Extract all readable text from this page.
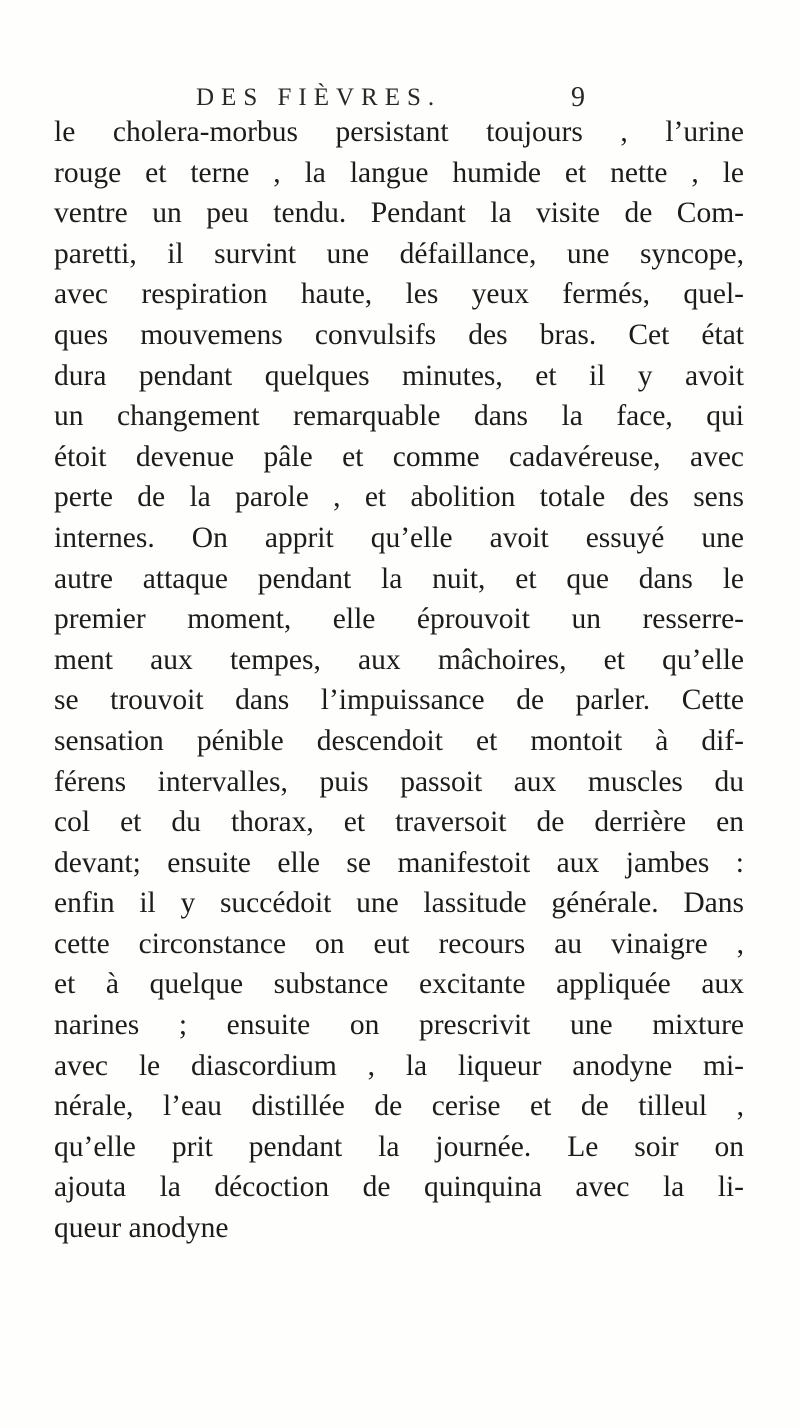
DES FIÈVRES.	9
le cholera-morbus persistant toujours , l’urine
rouge et terne , la langue humide et nette , le
ventre un peu tendu. Pendant la visite de Com-
paretti, il survint une défaillance, une syncope,
avec respiration haute, les yeux fermés, quel-
ques mouvemens convulsifs des bras. Cet état
dura pendant quelques minutes, et il y avoit
un changement remarquable dans la face, qui
étoit devenue pâle et comme cadavéreuse, avec
perte de la parole , et abolition totale des sens
internes. On apprit qu’elle avoit essuyé une
autre attaque pendant la nuit, et que dans le
premier moment, elle éprouvoit un resserre-
ment aux tempes, aux mâchoires, et qu’elle
se trouvoit dans l’impuissance de parler. Cette
sensation pénible descendoit et montoit à dif-
férens intervalles, puis passoit aux muscles du
col et du thorax, et traversoit de derrière en
devant; ensuite elle se manifestoit aux jambes :
enfin il y succédoit une lassitude générale. Dans
cette circonstance on eut recours au vinaigre ,
et à quelque substance excitante appliquée aux
narines ; ensuite on prescrivit une mixture
avec le diascordium , la liqueur anodyne mi-
nérale, l’eau distillée de cerise et de tilleul ,
qu’elle prit pendant la journée. Le soir on
ajouta la décoction de quinquina avec la li-
queur anodyne
